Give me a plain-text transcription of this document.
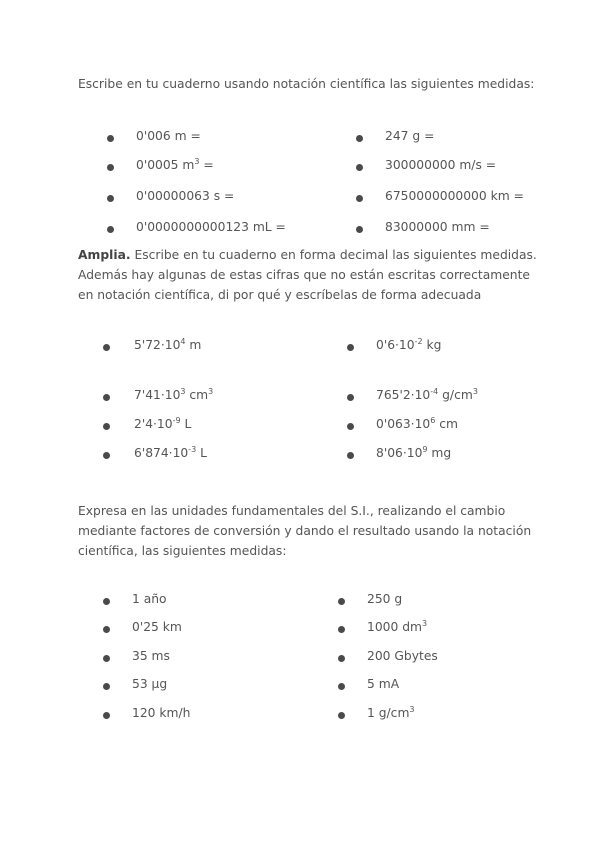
Escribe en tu cuaderno usando notación científica las siguientes medidas:
Amplia. Escribe en tu cuaderno en forma decimal las siguientes medidas. Además hay algunas de estas cifras que no están escritas correctamente en notación científica, di por qué y escríbelas de forma adecuada
Expresa en las unidades fundamentales del S.I., realizando el cambio mediante factores de conversión y dando el resultado usando la notación científica, las siguientes medidas:
0'006 m =
0'0005 $m^3$ =
0'00000063 s =
0'0000000000123 mL =
247 g =
300000000 m/s =
6750000000000 km =
83000000 mm =
$5'72\cdot 10^4$ m
$7'41\cdot 10^3$ $cm^3$
$2'4\cdot 10^{-9}$ L
$6'874\cdot 10^{-3}$ L
$0'6\cdot 10^{-2}$ kg
$765'2\cdot 10^{-4}$ $g/cm^3$
$0'063\cdot 10^6$ cm
$8'06\cdot 10^9$ mg
1 año
0'25 km
35 ms
53 µg
120 km/h
250 g
1000 $dm^3$
200 Gbytes
5 mA
1 $g/cm^3$
